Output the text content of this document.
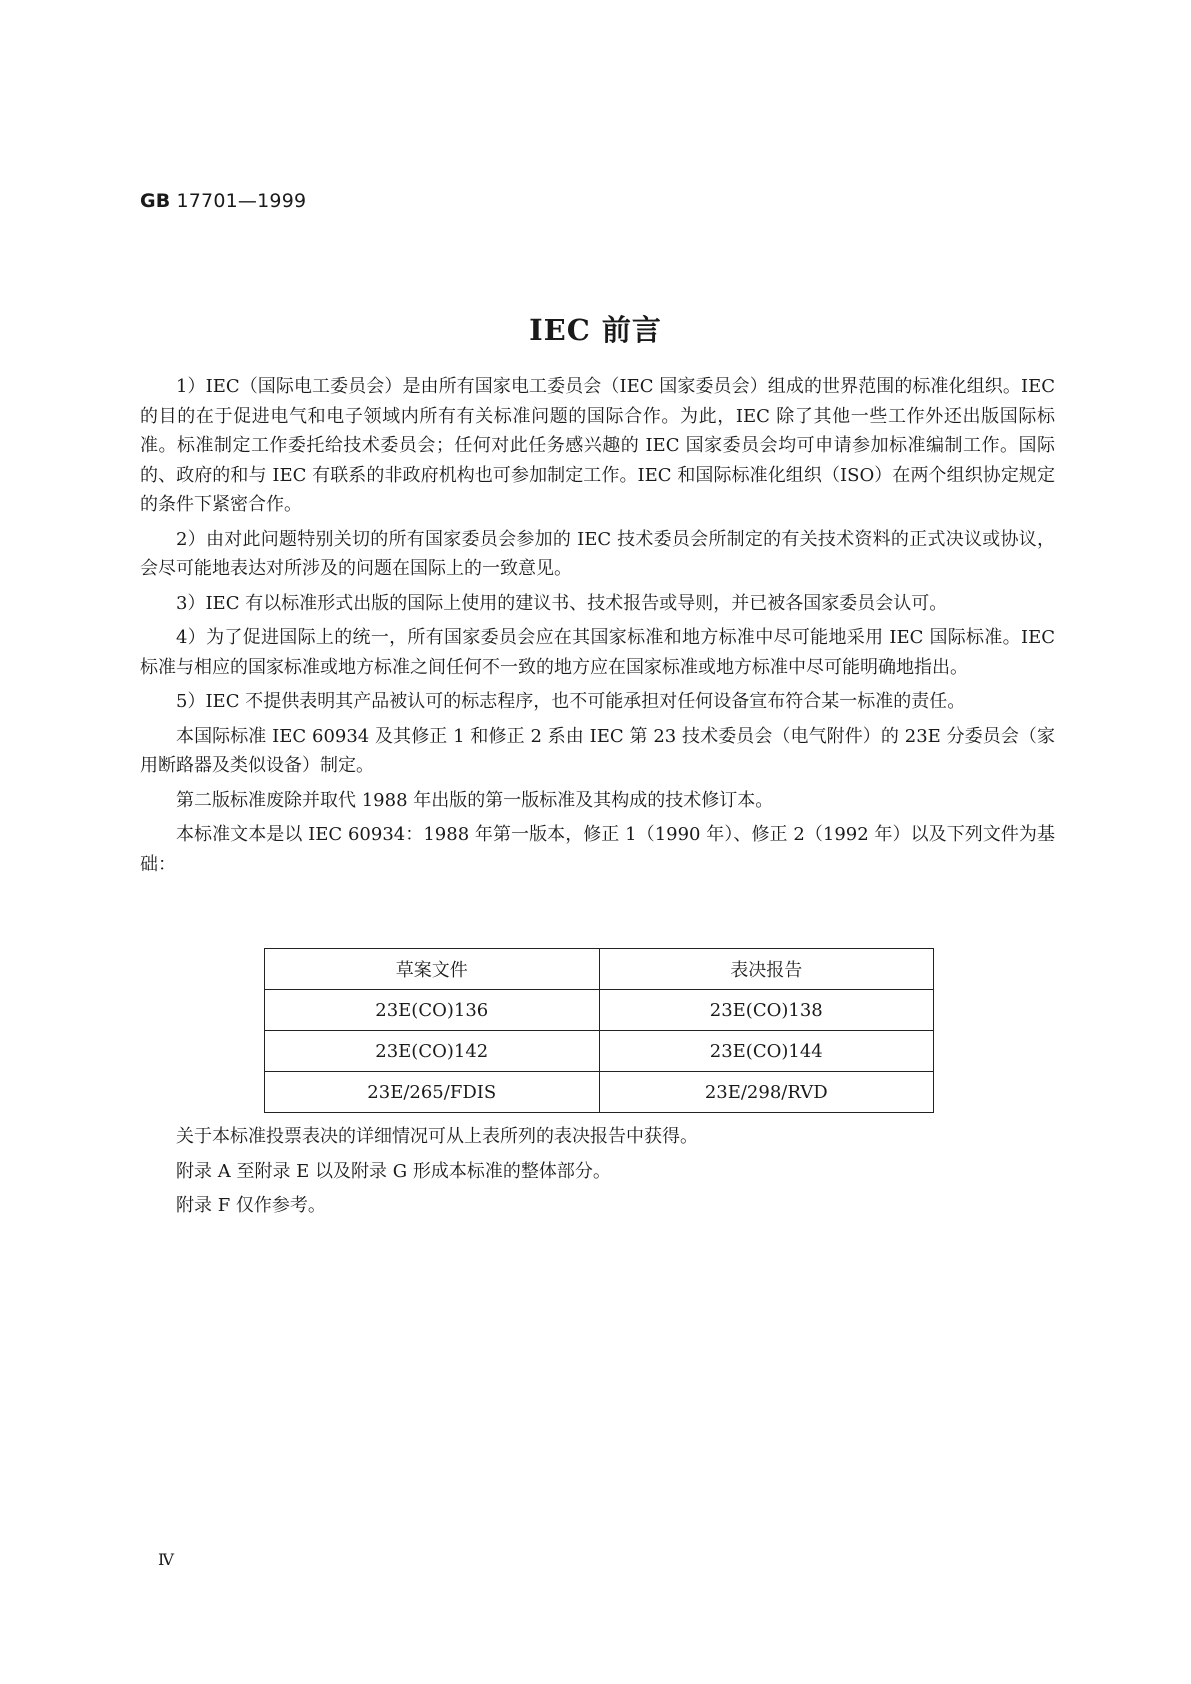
GB 17701—1999
IEC 前言

1）IEC（国际电工委员会）是由所有国家电工委员会（IEC 国家委员会）组成的世界范围的标准化组织。IEC 的目的在于促进电气和电子领域内所有有关标准问题的国际合作。为此，IEC 除了其他一些工作外还出版国际标准。标准制定工作委托给技术委员会；任何对此任务感兴趣的 IEC 国家委员会均可申请参加标准编制工作。国际的、政府的和与 IEC 有联系的非政府机构也可参加制定工作。IEC 和国际标准化组织（ISO）在两个组织协定规定的条件下紧密合作。

2）由对此问题特别关切的所有国家委员会参加的 IEC 技术委员会所制定的有关技术资料的正式决议或协议，会尽可能地表达对所涉及的问题在国际上的一致意见。

3）IEC 有以标准形式出版的国际上使用的建议书、技术报告或导则，并已被各国家委员会认可。

4）为了促进国际上的统一，所有国家委员会应在其国家标准和地方标准中尽可能地采用 IEC 国际标准。IEC 标准与相应的国家标准或地方标准之间任何不一致的地方应在国家标准或地方标准中尽可能明确地指出。

5）IEC 不提供表明其产品被认可的标志程序，也不可能承担对任何设备宣布符合某一标准的责任。

本国际标准 IEC 60934 及其修正 1 和修正 2 系由 IEC 第 23 技术委员会（电气附件）的 23E 分委员会（家用断路器及类似设备）制定。

第二版标准废除并取代 1988 年出版的第一版标准及其构成的技术修订本。

本标准文本是以 IEC 60934：1988 年第一版本，修正 1（1990 年）、修正 2（1992 年）以及下列文件为基础：

草案文件	表决报告
23E(CO)136	23E(CO)138
23E(CO)142	23E(CO)144
23E/265/FDIS	23E/298/RVD

关于本标准投票表决的详细情况可从上表所列的表决报告中获得。

附录 A 至附录 E 以及附录 G 形成本标准的整体部分。

附录 F 仅作参考。

Ⅳ
